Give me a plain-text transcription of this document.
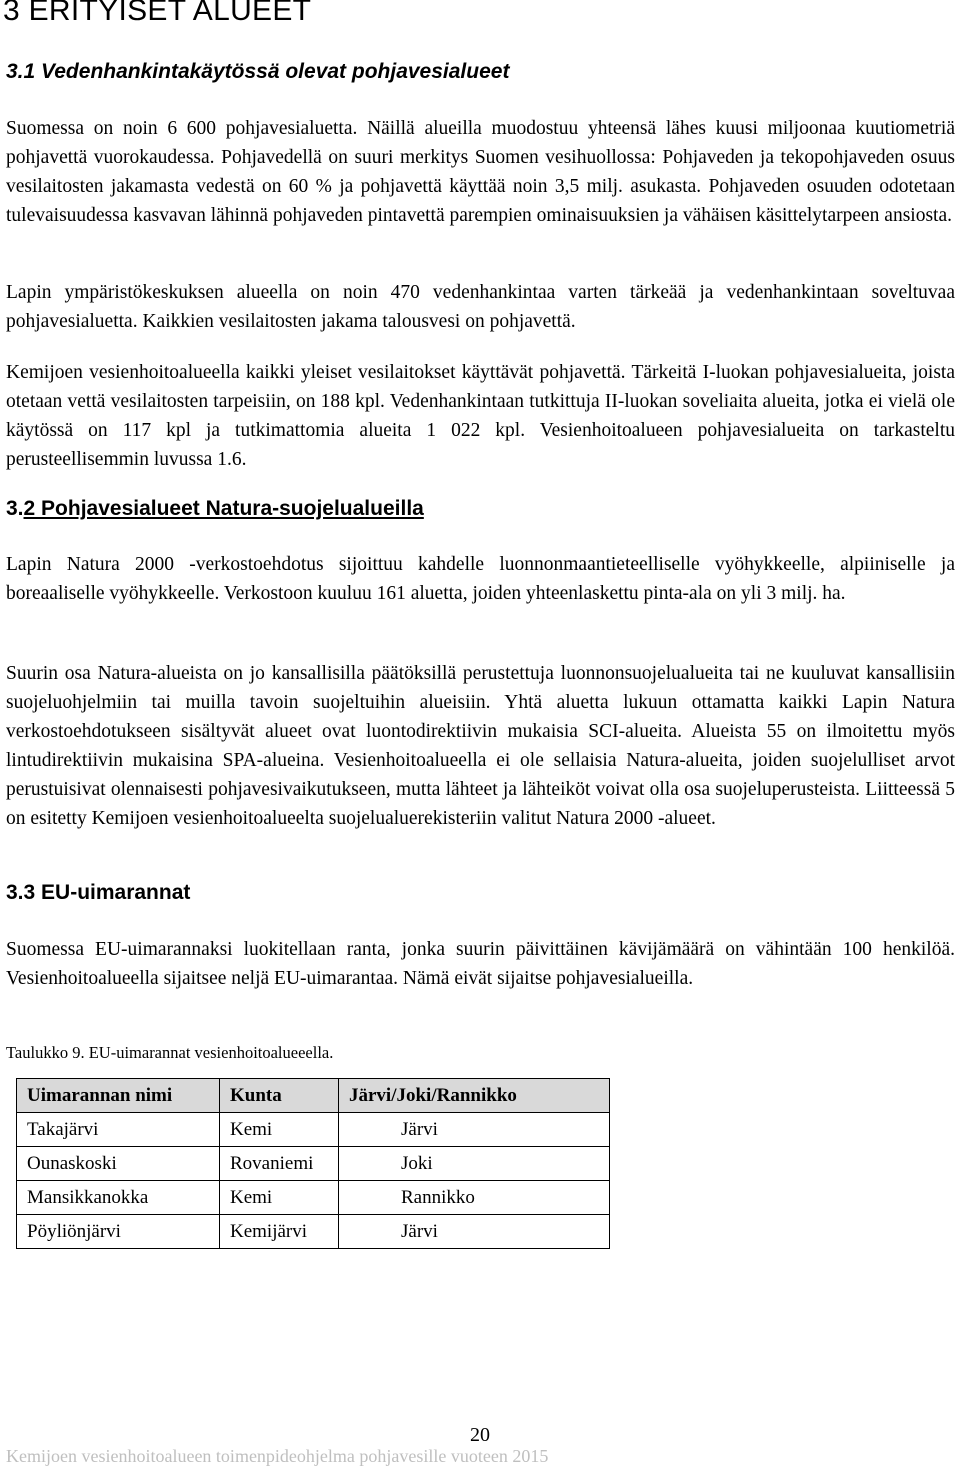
3 ERITYISET ALUEET
3.1 Vedenhankintakäytössä olevat pohjavesialueet

Suomessa on noin 6 600 pohjavesialuetta. Näillä alueilla muodostuu yhteensä lähes kuusi miljoonaa kuutiometriä pohjavettä vuorokaudessa. Pohjavedellä on suuri merkitys Suomen vesihuollossa: Pohjaveden ja tekopohjaveden osuus vesilaitosten jakamasta vedestä on 60 % ja pohjavettä käyttää noin 3,5 milj. asukasta. Pohjaveden osuuden odotetaan tulevaisuudessa kasvavan lähinnä pohjaveden pintavettä parempien ominaisuuksien ja vähäisen käsittelytarpeen ansiosta.

Lapin ympäristökeskuksen alueella on noin 470 vedenhankintaa varten tärkeää ja vedenhankintaan soveltuvaa pohjavesialuetta. Kaikkien vesilaitosten jakama talousvesi on pohjavettä.

Kemijoen vesienhoitoalueella kaikki yleiset vesilaitokset käyttävät pohjavettä. Tärkeitä I-luokan pohjavesialueita, joista otetaan vettä vesilaitosten tarpeisiin, on 188 kpl. Vedenhankintaan tutkittuja II-luokan soveliaita alueita, jotka ei vielä ole käytössä on 117 kpl ja tutkimattomia alueita 1 022 kpl. Vesienhoitoalueen pohjavesialueita on tarkasteltu perusteellisemmin luvussa 1.6.

3.2 Pohjavesialueet Natura-suojelualueilla

Lapin Natura 2000 -verkostoehdotus sijoittuu kahdelle luonnonmaantieteelliselle vyöhykkeelle, alpiiniselle ja boreaaliselle vyöhykkeelle. Verkostoon kuuluu 161 aluetta, joiden yhteenlaskettu pinta-ala on yli 3 milj. ha.

Suurin osa Natura-alueista on jo kansallisilla päätöksillä perustettuja luonnonsuojelualueita tai ne kuuluvat kansallisiin suojeluohjelmiin tai muilla tavoin suojeltuihin alueisiin. Yhtä aluetta lukuun ottamatta kaikki Lapin Natura verkostoehdotukseen sisältyvät alueet ovat luontodirektiivin mukaisia SCI-alueita. Alueista 55 on ilmoitettu myös lintudirektiivin mukaisina SPA-alueina. Vesienhoitoalueella ei ole sellaisia Natura-alueita, joiden suojelulliset arvot perustuisivat olennaisesti pohjavesivaikutukseen, mutta lähteet ja lähteiköt voivat olla osa suojeluperusteista. Liitteessä 5 on esitetty Kemijoen vesienhoitoalueelta suojelualuerekisteriin valitut Natura 2000 -alueet.

3.3 EU-uimarannat

Suomessa EU-uimarannaksi luokitellaan ranta, jonka suurin päivittäinen kävijämäärä on vähintään 100 henkilöä. Vesienhoitoalueella sijaitsee neljä EU-uimarantaa. Nämä eivät sijaitse pohjavesialueilla.

Taulukko 9. EU-uimarannat vesienhoitoalueeella.

Uimarannan nimi	Kunta	Järvi/Joki/Rannikko
Takajärvi	Kemi	Järvi
Ounaskoski	Rovaniemi	Joki
Mansikkanokka	Kemi	Rannikko
Pöyliönjärvi	Kemijärvi	Järvi
20
Kemijoen vesienhoitoalueen toimenpideohjelma pohjavesille vuoteen 2015
